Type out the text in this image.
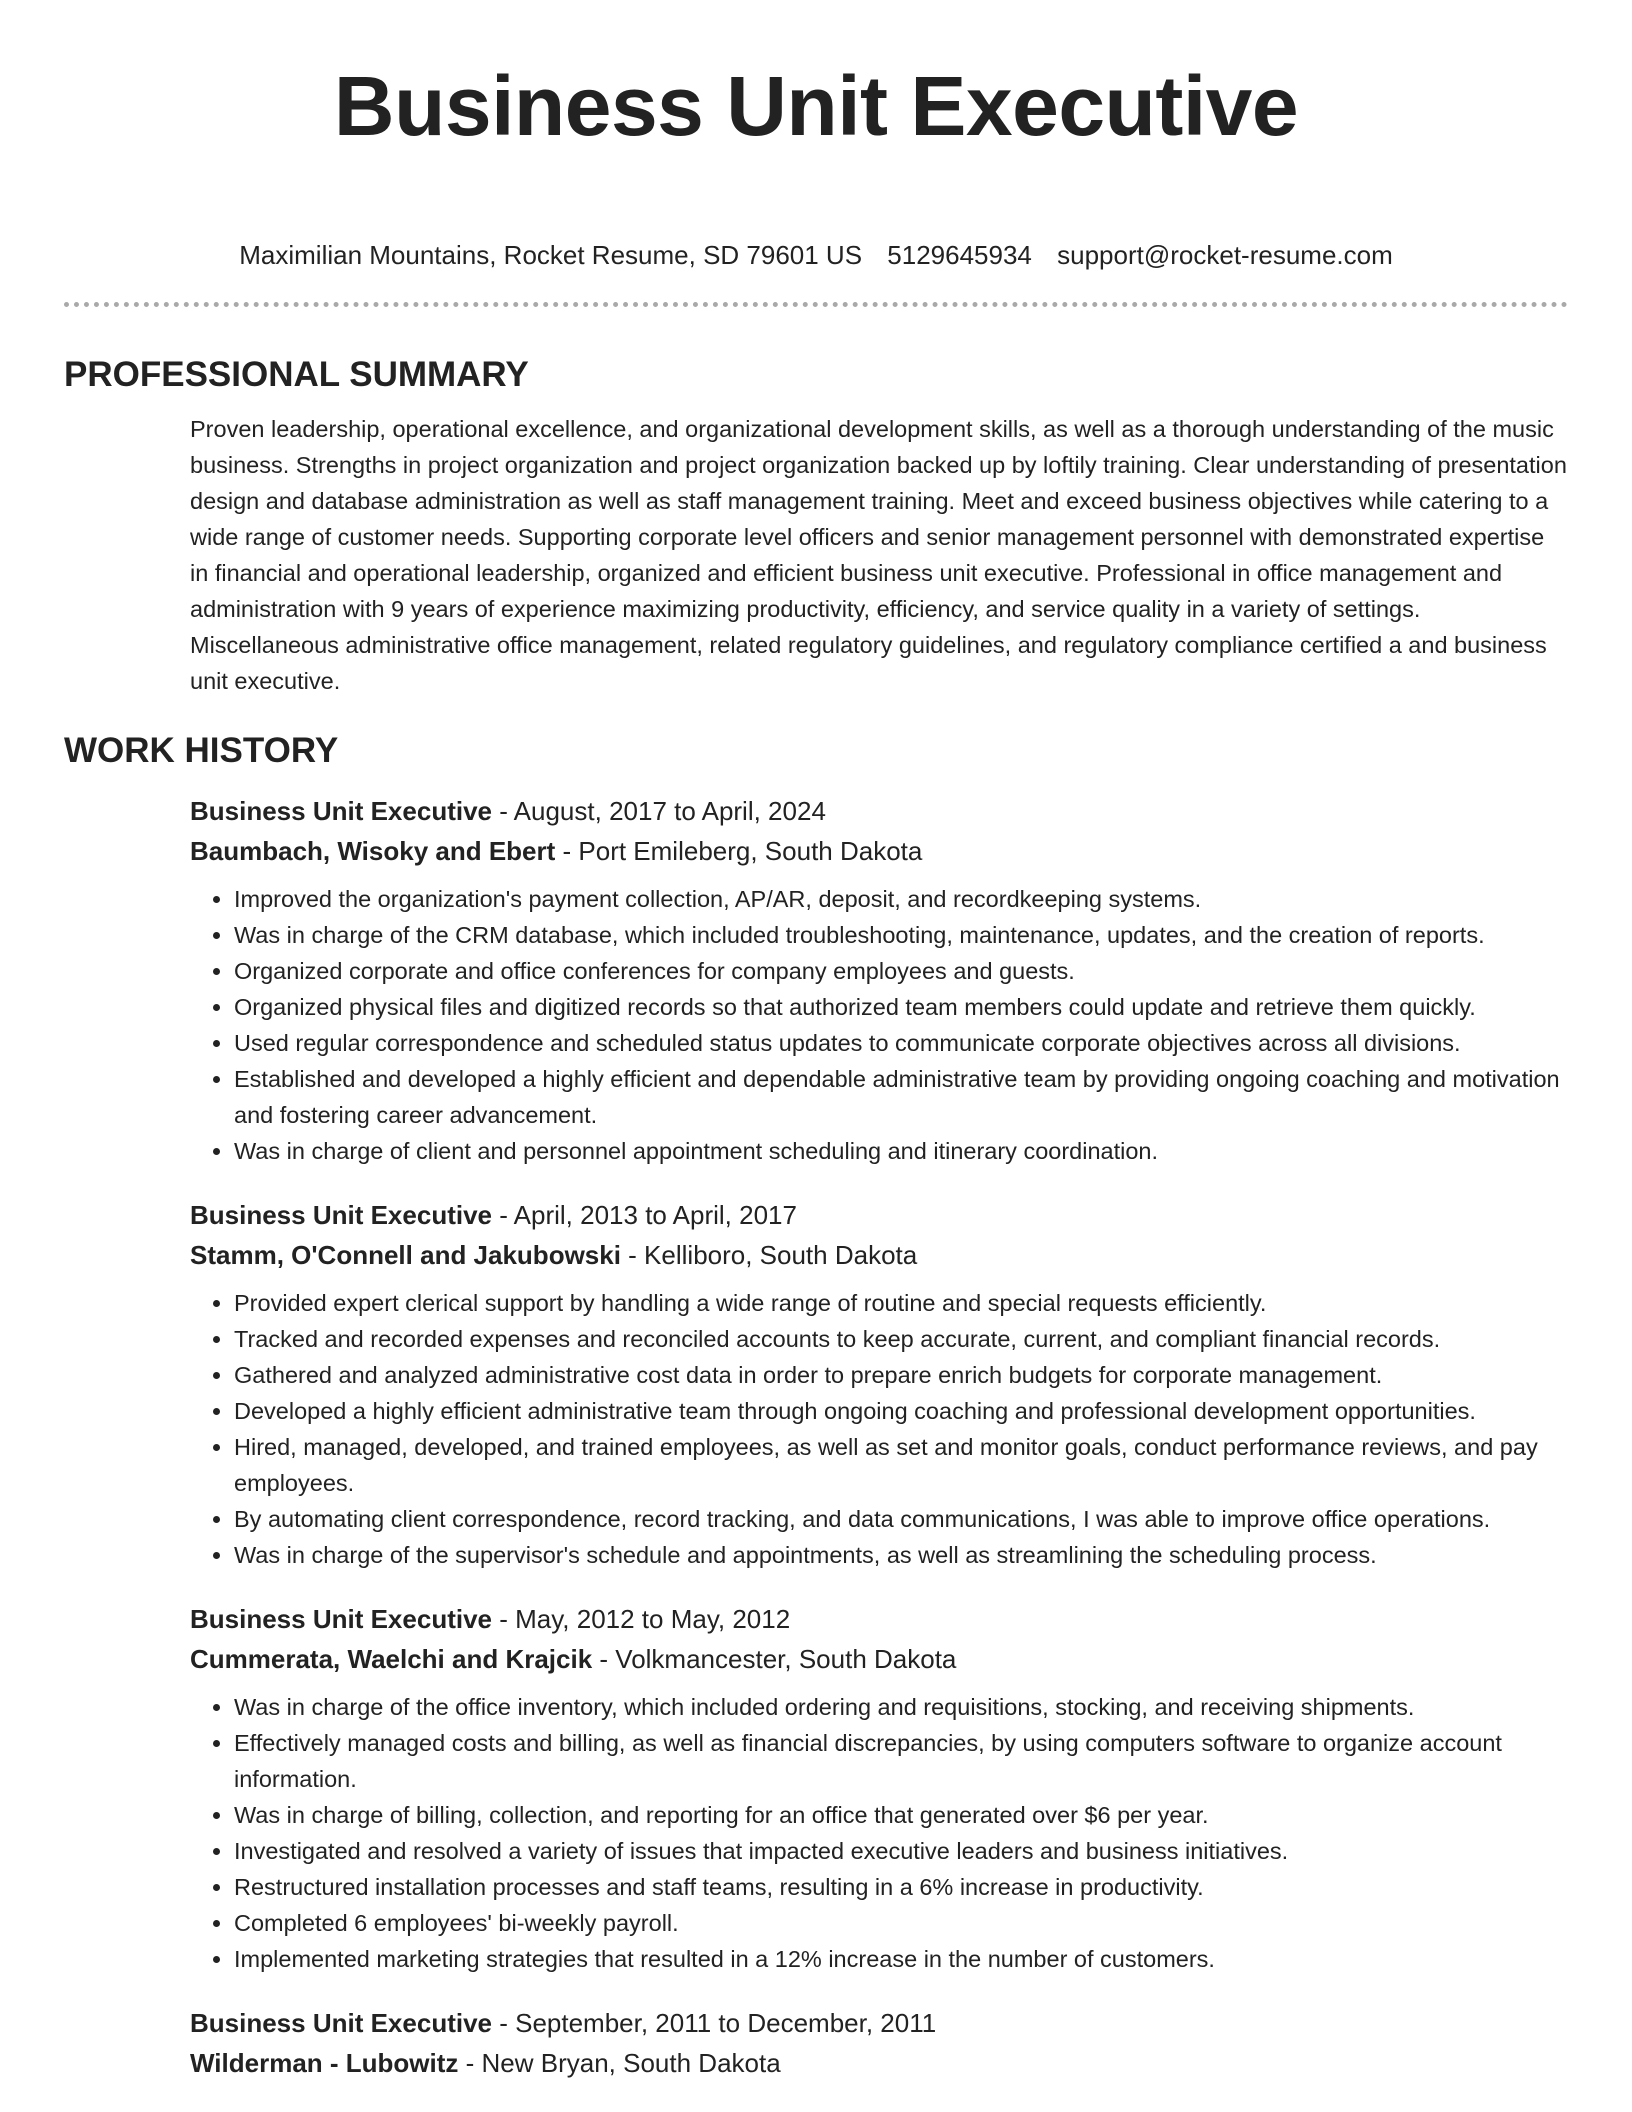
Business Unit Executive
Maximilian Mountains, Rocket Resume, SD 79601 US 5129645934 support@rocket-resume.com
PROFESSIONAL SUMMARY

Proven leadership, operational excellence, and organizational development skills, as well as a thorough understanding of the music business. Strengths in project organization and project organization backed up by loftily training. Clear understanding of presentation design and database administration as well as staff management training. Meet and exceed business objectives while catering to a wide range of customer needs. Supporting corporate level officers and senior management personnel with demonstrated expertise in financial and operational leadership, organized and efficient business unit executive. Professional in office management and administration with 9 years of experience maximizing productivity, efficiency, and service quality in a variety of settings. Miscellaneous administrative office management, related regulatory guidelines, and regulatory compliance certified a and business unit executive.

WORK HISTORY
Business Unit Executive - August, 2017 to April, 2024
Baumbach, Wisoky and Ebert - Port Emileberg, South Dakota
• Improved the organization's payment collection, AP/AR, deposit, and recordkeeping systems.
• Was in charge of the CRM database, which included troubleshooting, maintenance, updates, and the creation of reports.
• Organized corporate and office conferences for company employees and guests.
• Organized physical files and digitized records so that authorized team members could update and retrieve them quickly.
• Used regular correspondence and scheduled status updates to communicate corporate objectives across all divisions.
• Established and developed a highly efficient and dependable administrative team by providing ongoing coaching and motivation and fostering career advancement.
• Was in charge of client and personnel appointment scheduling and itinerary coordination.
Business Unit Executive - April, 2013 to April, 2017
Stamm, O'Connell and Jakubowski - Kelliboro, South Dakota
• Provided expert clerical support by handling a wide range of routine and special requests efficiently.
• Tracked and recorded expenses and reconciled accounts to keep accurate, current, and compliant financial records.
• Gathered and analyzed administrative cost data in order to prepare enrich budgets for corporate management.
• Developed a highly efficient administrative team through ongoing coaching and professional development opportunities.
• Hired, managed, developed, and trained employees, as well as set and monitor goals, conduct performance reviews, and pay employees.
• By automating client correspondence, record tracking, and data communications, I was able to improve office operations.
• Was in charge of the supervisor's schedule and appointments, as well as streamlining the scheduling process.
Business Unit Executive - May, 2012 to May, 2012
Cummerata, Waelchi and Krajcik - Volkmancester, South Dakota
• Was in charge of the office inventory, which included ordering and requisitions, stocking, and receiving shipments.
• Effectively managed costs and billing, as well as financial discrepancies, by using computers software to organize account information.
• Was in charge of billing, collection, and reporting for an office that generated over $6 per year.
• Investigated and resolved a variety of issues that impacted executive leaders and business initiatives.
• Restructured installation processes and staff teams, resulting in a 6% increase in productivity.
• Completed 6 employees' bi-weekly payroll.
• Implemented marketing strategies that resulted in a 12% increase in the number of customers.
Business Unit Executive - September, 2011 to December, 2011
Wilderman - Lubowitz - New Bryan, South Dakota
